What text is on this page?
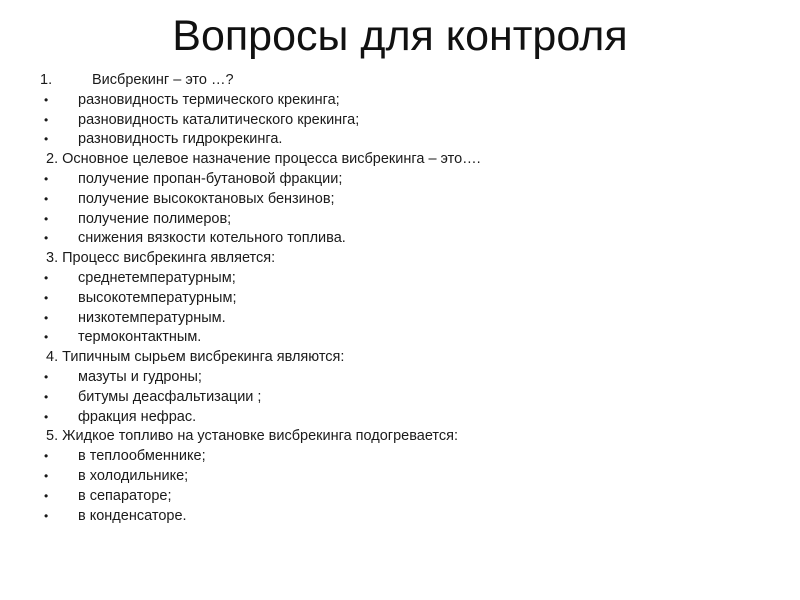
Вопросы для контроля
1.	Висбрекинг – это …?
• разновидность термического крекинга;
• разновидность каталитического крекинга;
• разновидность гидрокрекинга.
2. Основное целевое назначение процесса висбрекинга – это….
• получение пропан-бутановой фракции;
• получение высококтановых бензинов;
• получение полимеров;
• снижения вязкости котельного топлива.
3. Процесс висбрекинга является:
• среднетемпературным;
• высокотемпературным;
• низкотемпературным.
• термоконтактным.
4. Типичным сырьем висбрекинга являются:
• мазуты и гудроны;
• битумы деасфальтизации ;
• фракция нефрас.
5. Жидкое топливо на установке висбрекинга подогревается:
• в теплообменнике;
• в холодильнике;
• в сепараторе;
• в конденсаторе.
